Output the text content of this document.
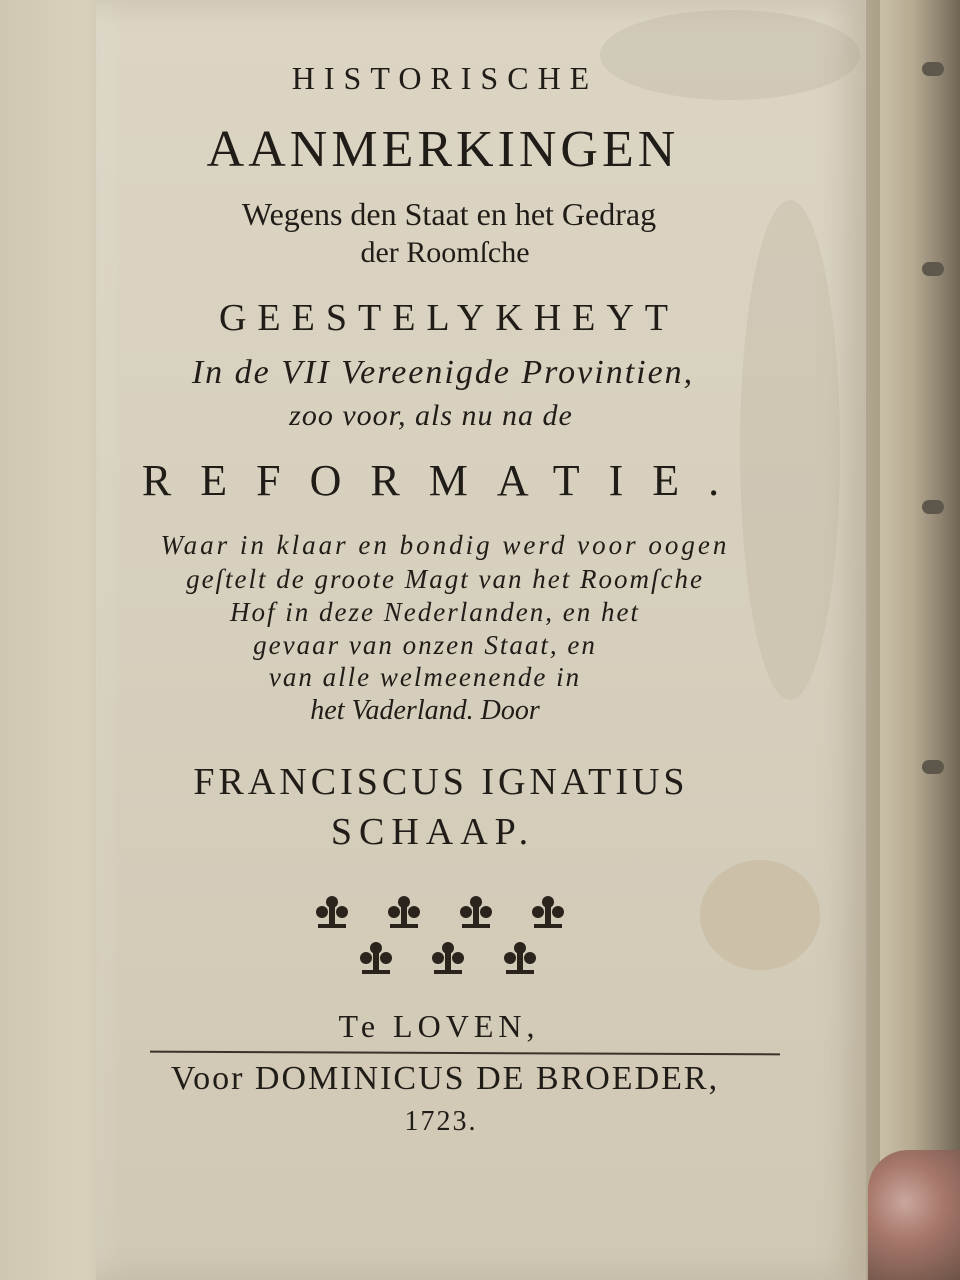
HISTORISCHE
AANMERKINGEN
Wegens den Staat en het Gedrag
der Roomſche
GEESTELYKHEYT
In de VII Vereenigde Provintien,
zoo voor, als nu na de
REFORMATIE.
Waar in klaar en bondig werd voor oogen
geſtelt de groote Magt van het Roomſche
Hof in deze Nederlanden, en het
gevaar van onzen Staat, en
van alle welmeenende in
het Vaderland. Door
FRANCISCUS IGNATIUS
SCHAAP.
Te LOVEN,
Voor DOMINICUS DE BROEDER,
1723.
